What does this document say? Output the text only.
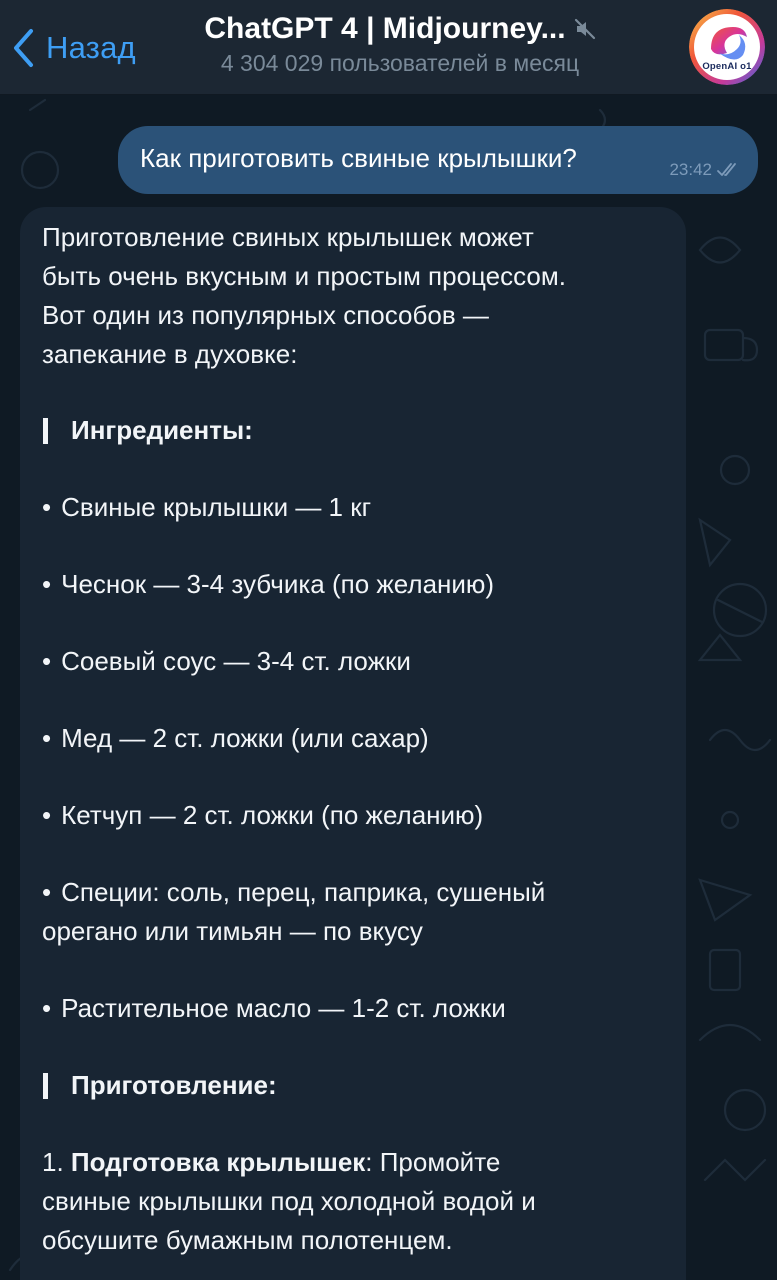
Назад
ChatGPT 4 | Midjourney...
4 304 029 пользователей в месяц	OpenAI o1
Как приготовить свиные крылышки?	23:42
Приготовление свиных крылышек может
быть очень вкусным и простым процессом.
Вот один из популярных способов —
запекание в духовке:
Ингредиенты:
• Свиные крылышки — 1 кг
• Чеснок — 3-4 зубчика (по желанию)
• Соевый соус — 3-4 ст. ложки
• Мед — 2 ст. ложки (или сахар)
• Кетчуп — 2 ст. ложки (по желанию)
• Специи: соль, перец, паприка, сушеный
орегано или тимьян — по вкусу
• Растительное масло — 1-2 ст. ложки
Приготовление:
1. Подготовка крылышек: Промойте
свиные крылышки под холодной водой и
обсушите бумажным полотенцем.
